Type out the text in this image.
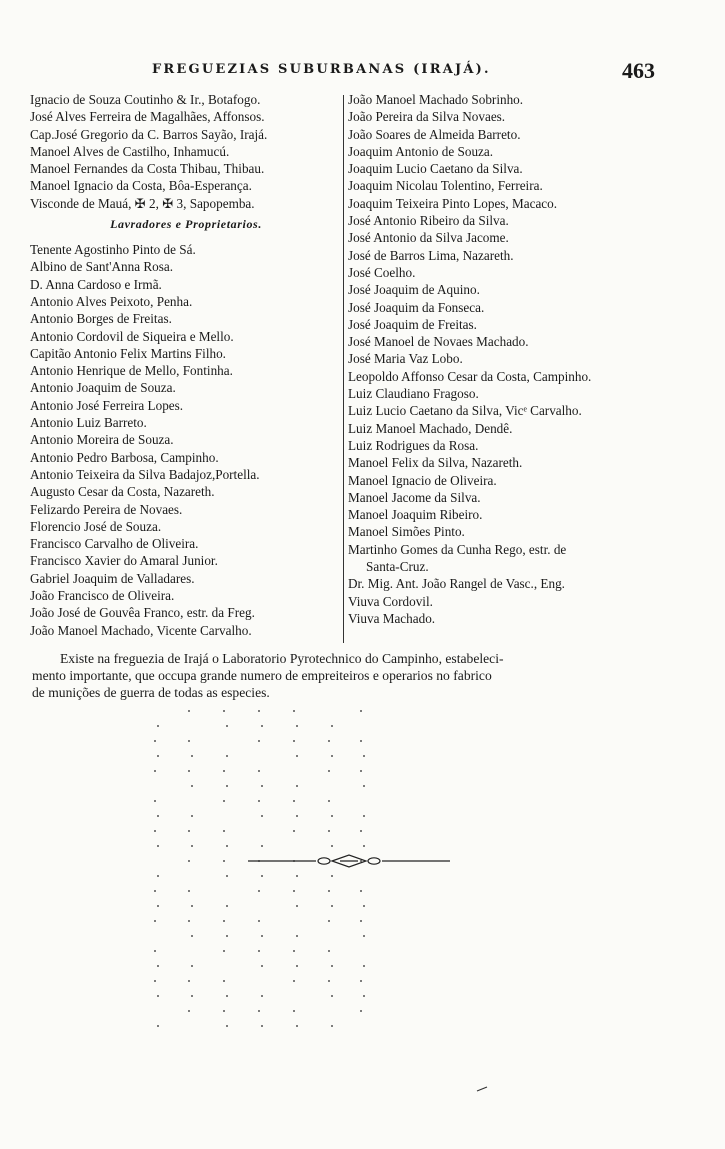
FREGUEZIAS SUBURBANAS (IRAJÁ).	463
Ignacio de Souza Coutinho & Ir., Botafogo.
José Alves Ferreira de Magalhães, Affonsos.
Cap.José Gregorio da C. Barros Sayão, Irajá.
Manoel Alves de Castilho, Inhamucú.
Manoel Fernandes da Costa Thibau, Thibau.
Manoel Ignacio da Costa, Bôa-Esperança.
Visconde de Mauá, ✠ 2, ✠ 3, Sapopemba.
Lavradores e Proprietarios.
Tenente Agostinho Pinto de Sá.
Albino de Sant'Anna Rosa.
D. Anna Cardoso e Irmã.
Antonio Alves Peixoto, Penha.
Antonio Borges de Freitas.
Antonio Cordovil de Siqueira e Mello.
Capitão Antonio Felix Martins Filho.
Antonio Henrique de Mello, Fontinha.
Antonio Joaquim de Souza.
Antonio José Ferreira Lopes.
Antonio Luiz Barreto.
Antonio Moreira de Souza.
Antonio Pedro Barbosa, Campinho.
Antonio Teixeira da Silva Badajoz,Portella.
Augusto Cesar da Costa, Nazareth.
Felizardo Pereira de Novaes.
Florencio José de Souza.
Francisco Carvalho de Oliveira.
Francisco Xavier do Amaral Junior.
Gabriel Joaquim de Valladares.
João Francisco de Oliveira.
João José de Gouvêa Franco, estr. da Freg.
João Manoel Machado, Vicente Carvalho.
João Manoel Machado Sobrinho.
João Pereira da Silva Novaes.
João Soares de Almeida Barreto.
Joaquim Antonio de Souza.
Joaquim Lucio Caetano da Silva.
Joaquim Nicolau Tolentino, Ferreira.
Joaquim Teixeira Pinto Lopes, Macaco.
José Antonio Ribeiro da Silva.
José Antonio da Silva Jacome.
José de Barros Lima, Nazareth.
José Coelho.
José Joaquim de Aquino.
José Joaquim da Fonseca.
José Joaquim de Freitas.
José Manoel de Novaes Machado.
José Maria Vaz Lobo.
Leopoldo Affonso Cesar da Costa, Campinho.
Luiz Claudiano Fragoso.
Luiz Lucio Caetano da Silva, Vicᵉ Carvalho.
Luiz Manoel Machado, Dendê.
Luiz Rodrigues da Rosa.
Manoel Felix da Silva, Nazareth.
Manoel Ignacio de Oliveira.
Manoel Jacome da Silva.
Manoel Joaquim Ribeiro.
Manoel Simões Pinto.
Martinho Gomes da Cunha Rego, estr. de
Santa-Cruz.
Dr. Mig. Ant. João Rangel de Vasc., Eng.
Viuva Cordovil.
Viuva Machado.
Existe na freguezia de Irajá o Laboratorio Pyrotechnico do Campinho, estabeleci-
mento importante, que occupa grande numero de empreiteiros e operarios no fabrico
de munições de guerra de todas as especies.
